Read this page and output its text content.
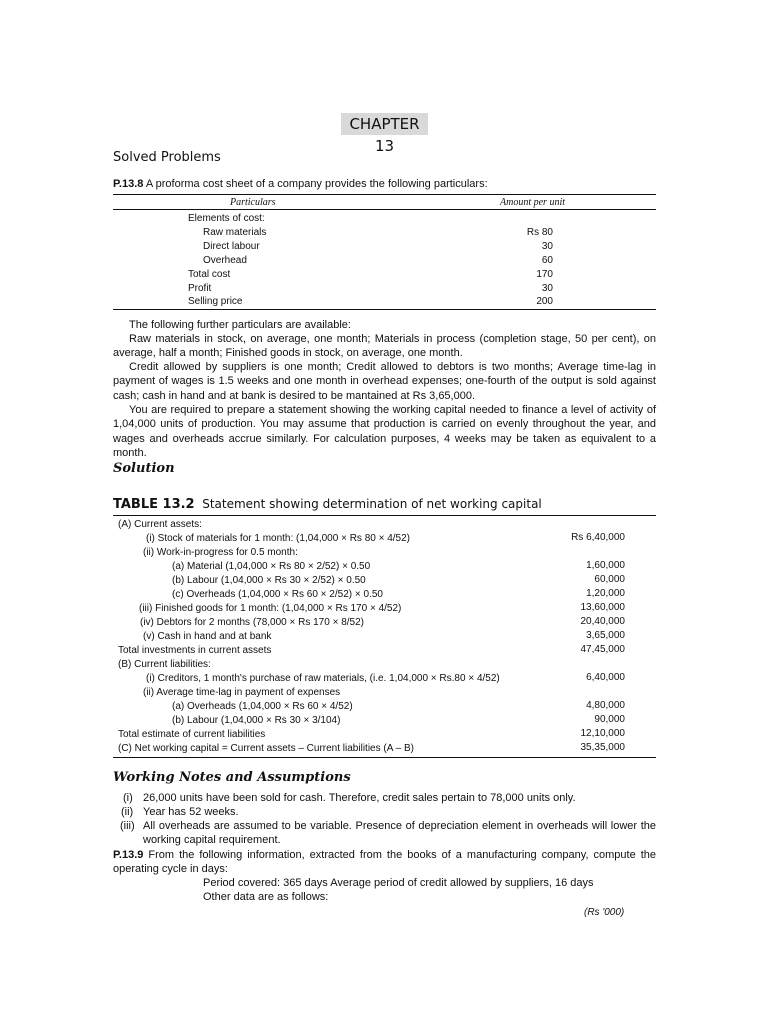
CHAPTER 13
Solved Problems
P.13.8 A proforma cost sheet of a company provides the following particulars:
Particulars	Amount per unit
Elements of cost:
Raw materials	Rs 80
Direct labour	30
Overhead	60
Total cost	170
Profit	30
Selling price	200
The following further particulars are available:
Raw materials in stock, on average, one month; Materials in process (completion stage, 50 per cent), on average, half a month; Finished goods in stock, on average, one month.
Credit allowed by suppliers is one month; Credit allowed to debtors is two months; Average time-lag in payment of wages is 1.5 weeks and one month in overhead expenses; one-fourth of the output is sold against cash; cash in hand and at bank is desired to be mantained at Rs 3,65,000.
You are required to prepare a statement showing the working capital needed to finance a level of activity of 1,04,000 units of production. You may assume that production is carried on evenly throughout the year, and wages and overheads accrue similarly. For calculation purposes, 4 weeks may be taken as equivalent to a month.
Solution
TABLE 13.2 Statement showing determination of net working capital
(A) Current assets:
(i) Stock of materials for 1 month: (1,04,000 × Rs 80 × 4/52)	Rs 6,40,000
(ii) Work-in-progress for 0.5 month:
(a) Material (1,04,000 × Rs 80 × 2/52) × 0.50	1,60,000
(b) Labour (1,04,000 × Rs 30 × 2/52) × 0.50	60,000
(c) Overheads (1,04,000 × Rs 60 × 2/52) × 0.50	1,20,000
(iii) Finished goods for 1 month: (1,04,000 × Rs 170 × 4/52)	13,60,000
(iv) Debtors for 2 months (78,000 × Rs 170 × 8/52)	20,40,000
(v) Cash in hand and at bank	3,65,000
Total investments in current assets	47,45,000
(B) Current liabilities:
(i) Creditors, 1 month's purchase of raw materials, (i.e. 1,04,000 × Rs.80 × 4/52)	6,40,000
(ii) Average time-lag in payment of expenses
(a) Overheads (1,04,000 × Rs 60 × 4/52)	4,80,000
(b) Labour (1,04,000 × Rs 30 × 3/104)	90,000
Total estimate of current liabilities	12,10,000
(C) Net working capital = Current assets – Current liabilities (A – B)	35,35,000
Working Notes and Assumptions
(i) 26,000 units have been sold for cash. Therefore, credit sales pertain to 78,000 units only.
(ii) Year has 52 weeks.
(iii) All overheads are assumed to be variable. Presence of depreciation element in overheads will lower the working capital requirement.
P.13.9 From the following information, extracted from the books of a manufacturing company, compute the operating cycle in days:
Period covered: 365 days Average period of credit allowed by suppliers, 16 days
Other data are as follows:
(Rs '000)
